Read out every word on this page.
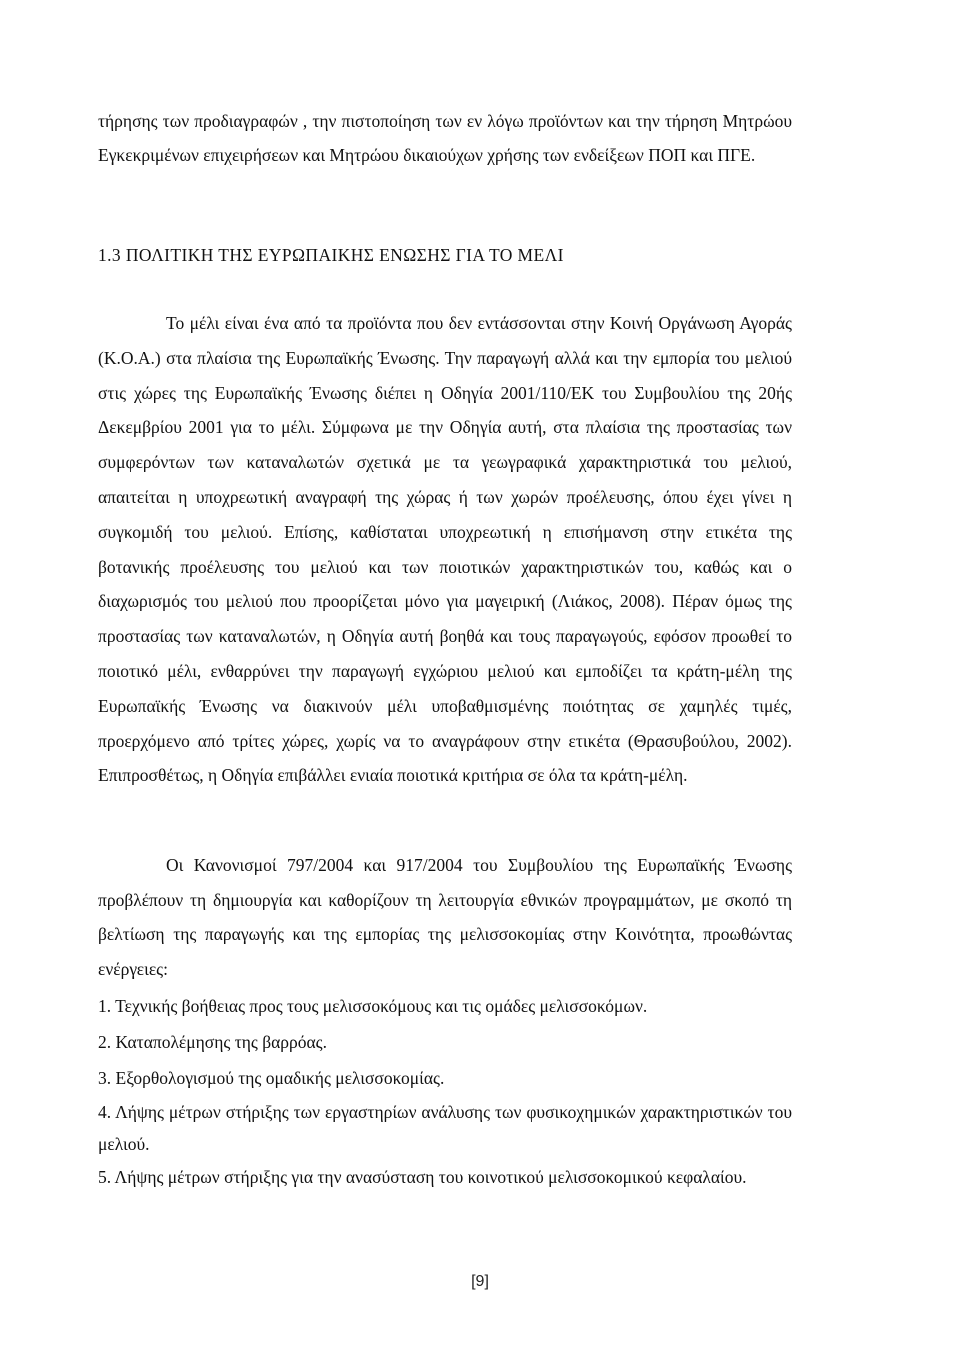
τήρησης των προδιαγραφών , την πιστοποίηση των εν λόγω προϊόντων και την τήρηση Μητρώου Εγκεκριμένων επιχειρήσεων και Μητρώου δικαιούχων χρήσης των ενδείξεων ΠΟΠ και ΠΓΕ.

1.3 ΠΟΛΙΤΙΚΗ ΤΗΣ ΕΥΡΩΠΑΙΚΗΣ ΕΝΩΣΗΣ ΓΙΑ ΤΟ ΜΕΛΙ

Το μέλι είναι ένα από τα προϊόντα που δεν εντάσσονται στην Κοινή Οργάνωση Αγοράς (Κ.Ο.Α.) στα πλαίσια της Ευρωπαϊκής Ένωσης. Την παραγωγή αλλά και την εμπορία του μελιού στις χώρες της Ευρωπαϊκής Ένωσης διέπει η Οδηγία 2001/110/ΕΚ του Συμβουλίου της 20ής Δεκεμβρίου 2001 για το μέλι. Σύμφωνα με την Οδηγία αυτή, στα πλαίσια της προστασίας των συμφερόντων των καταναλωτών σχετικά με τα γεωγραφικά χαρακτηριστικά του μελιού, απαιτείται η υποχρεωτική αναγραφή της χώρας ή των χωρών προέλευσης, όπου έχει γίνει η συγκομιδή του μελιού. Επίσης, καθίσταται υποχρεωτική η επισήμανση στην ετικέτα της βοτανικής προέλευσης του μελιού και των ποιοτικών χαρακτηριστικών του, καθώς και ο διαχωρισμός του μελιού που προορίζεται μόνο για μαγειρική (Λιάκος, 2008). Πέραν όμως της προστασίας των καταναλωτών, η Οδηγία αυτή βοηθά και τους παραγωγούς, εφόσον προωθεί το ποιοτικό μέλι, ενθαρρύνει την παραγωγή εγχώριου μελιού και εμποδίζει τα κράτη-μέλη της Ευρωπαϊκής Ένωσης να διακινούν μέλι υποβαθμισμένης ποιότητας σε χαμηλές τιμές, προερχόμενο από τρίτες χώρες, χωρίς να το αναγράφουν στην ετικέτα (Θρασυβούλου, 2002). Επιπροσθέτως, η Οδηγία επιβάλλει ενιαία ποιοτικά κριτήρια σε όλα τα κράτη-μέλη.

Οι Κανονισμοί 797/2004 και 917/2004 του Συμβουλίου της Ευρωπαϊκής Ένωσης προβλέπουν τη δημιουργία και καθορίζουν τη λειτουργία εθνικών προγραμμάτων, με σκοπό τη βελτίωση της παραγωγής και της εμπορίας της μελισσοκομίας στην Κοινότητα, προωθώντας ενέργειες:

1. Τεχνικής βοήθειας προς τους μελισσοκόμους και τις ομάδες μελισσοκόμων.

2. Καταπολέμησης της βαρρόας.

3. Εξορθολογισμού της ομαδικής μελισσοκομίας.

4. Λήψης μέτρων στήριξης των εργαστηρίων ανάλυσης των φυσικοχημικών χαρακτηριστικών του μελιού.

5. Λήψης μέτρων στήριξης για την ανασύσταση του κοινοτικού μελισσοκομικού κεφαλαίου.

[9]
